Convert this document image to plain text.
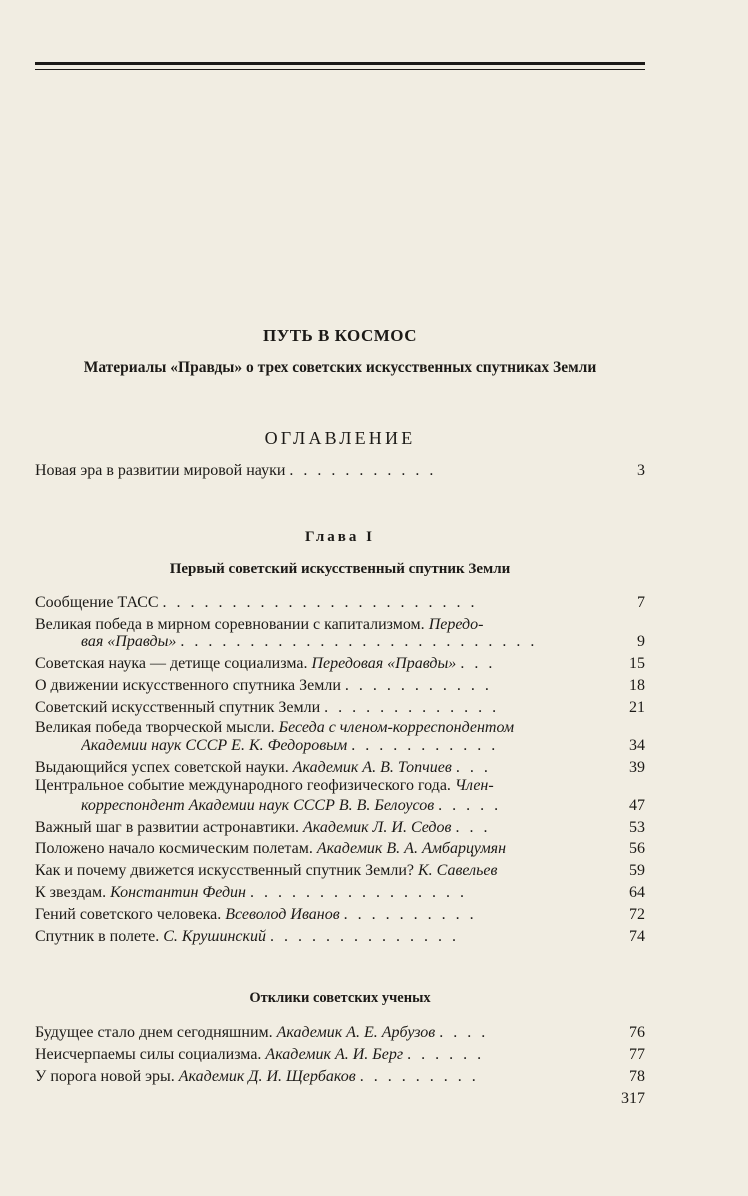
ПУТЬ В КОСМОС
Материалы «Правды» о трех советских искусственных спутниках Земли
ОГЛАВЛЕНИЕ
Новая эра в развитии мировой науки . . . . . . . . . . .	3
Глава I
Первый советский искусственный спутник Земли
Сообщение ТАСС . . . . . . . . . . . . . . . . . . . . . . .	7
Великая победа в мирном соревновании с капитализмом. Передо-
вая «Правды» . . . . . . . . . . . . . . . . . . . . . . . . . .	9
Советская наука — детище социализма. Передовая «Правды» . . .	15
О движении искусственного спутника Земли . . . . . . . . . . .	18
Советский искусственный спутник Земли . . . . . . . . . . . . .	21
Великая победа творческой мысли. Беседа с членом-корреспондентом
Академии наук СССР Е. К. Федоровым . . . . . . . . . . .	34
Выдающийся успех советской науки. Академик А. В. Топчиев . . .	39
Центральное событие международного геофизического года. Член-
корреспондент Академии наук СССР В. В. Белоусов . . . . .	47
Важный шаг в развитии астронавтики. Академик Л. И. Седов . . .	53
Положено начало космическим полетам. Академик В. А. Амбарцумян	56
Как и почему движется искусственный спутник Земли? К. Савельев	59
К звездам. Константин Федин . . . . . . . . . . . . . . . .	64
Гений советского человека. Всеволод Иванов . . . . . . . . . .	72
Спутник в полете. С. Крушинский . . . . . . . . . . . . . .	74
Отклики советских ученых
Будущее стало днем сегодняшним. Академик А. Е. Арбузов . . . .	76
Неисчерпаемы силы социализма. Академик А. И. Берг . . . . . .	77
У порога новой эры. Академик Д. И. Щербаков . . . . . . . . .	78
317
